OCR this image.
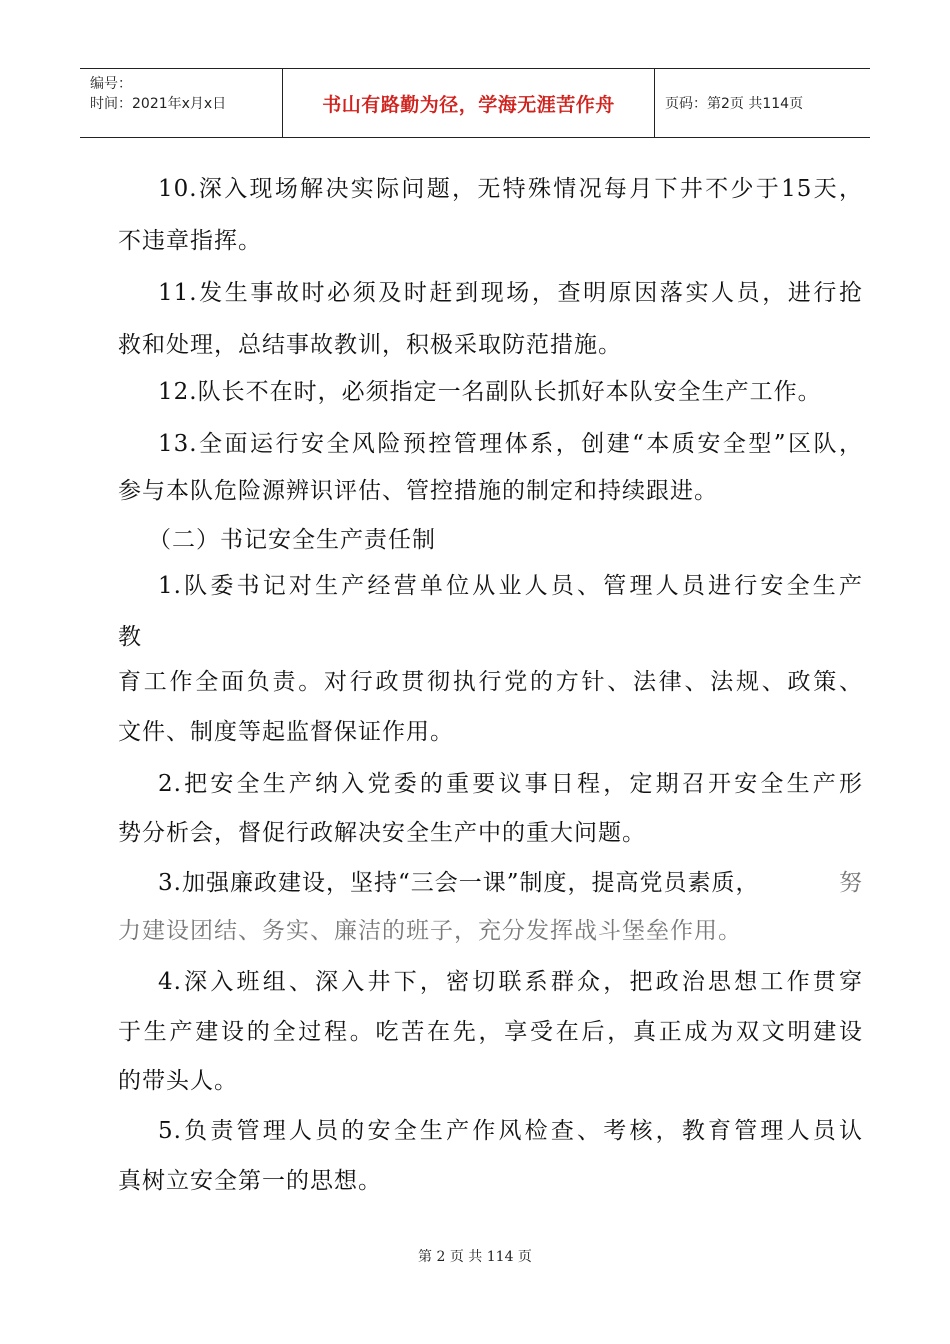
编号：
时间：2021年x月x日	书山有路勤为径，学海无涯苦作舟	页码：第2页 共114页
10.深入现场解决实际问题，无特殊情况每月下井不少于15天，
不违章指挥。
11.发生事故时必须及时赶到现场，查明原因落实人员，进行抢
救和处理，总结事故教训，积极采取防范措施。
12.队长不在时，必须指定一名副队长抓好本队安全生产工作。
13.全面运行安全风险预控管理体系，创建“本质安全型”区队，
参与本队危险源辨识评估、管控措施的制定和持续跟进。
（二）书记安全生产责任制
1.队委书记对生产经营单位从业人员、管理人员进行安全生产
教
育工作全面负责。对行政贯彻执行党的方针、法律、法规、政策、
文件、制度等起监督保证作用。
2.把安全生产纳入党委的重要议事日程，定期召开安全生产形
势分析会，督促行政解决安全生产中的重大问题。
3.加强廉政建设，坚持“三会一课”制度，提高党员素质，	努
力建设团结、务实、廉洁的班子，充分发挥战斗堡垒作用。
4.深入班组、深入井下，密切联系群众，把政治思想工作贯穿
于生产建设的全过程。吃苦在先，享受在后，真正成为双文明建设
的带头人。
5.负责管理人员的安全生产作风检查、考核，教育管理人员认
真树立安全第一的思想。
第 2 页 共 114 页
